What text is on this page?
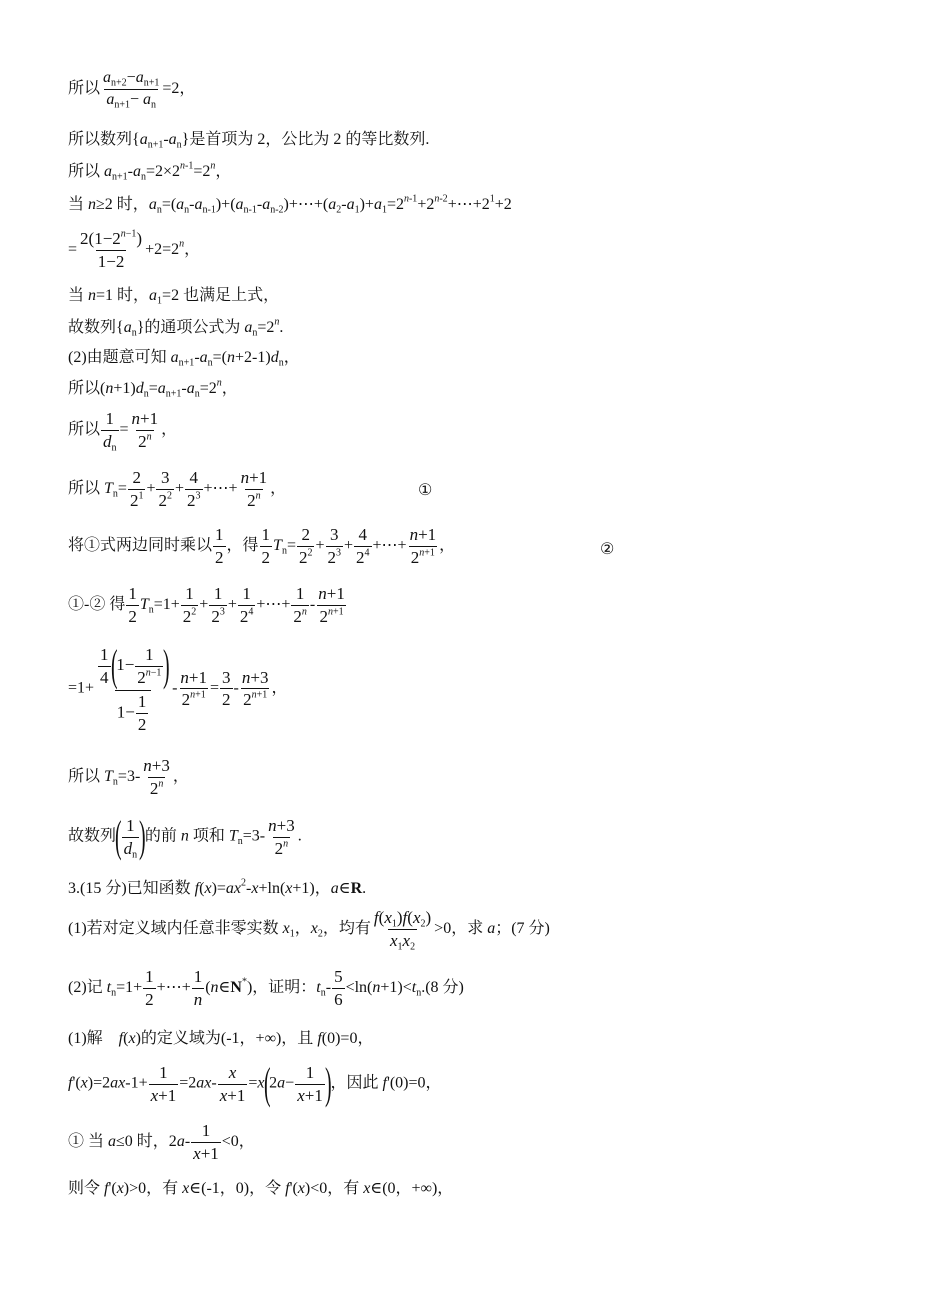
所以 $\frac{a_{n+2}-a_{n+1}}{a_{n+1}- a_n} =2$，
所以数列$\{a_{n+1}-a_n\}$是首项为 2，公比为 2 的等比数列.
所以 $a_{n+1}-a_n=2\times 2^{n-1}=2^n$，
当 n≥2 时，$a_n=(a_n-a_{n-1})+(a_{n-1}-a_{n-2})+\cdots+(a_2-a_1)+a_1=2^{n-1}+2^{n-2}+\cdots+2^1+2$
= $\frac{2(1-2^{n-1})}{1-2} +2=2^n$，
当 n=1 时，$a_1=2$ 也满足上式，
故数列$\{a_n\}$的通项公式为 $a_n=2^n$.
(2)由题意可知 $a_{n+1}-a_n=(n+2-1)d_n$，
所以$(n+1)d_n=a_{n+1}-a_n=2^n$，
所以 $\frac{1}{d_n} = \frac{n+1}{2^n}$ ，
所以 $T_n= \frac{2}{2^1} + \frac{3}{2^2} + \frac{4}{2^3}$ +⋯+ $\frac{n+1}{2^n}$ ，	①
将①式两边同时乘以 $\frac{1}{2}$ ，得 $\frac{1}{2} T_n= \frac{2}{2^2} + \frac{3}{2^3} + \frac{4}{2^4}$ +⋯+ $\frac{n+1}{2^{n+1}}$ ，	②
①-② 得 $\frac{1}{2} T_n=1+ \frac{1}{2^2} + \frac{1}{2^3} + \frac{1}{2^4}$ +⋯+ $\frac{1}{2^n} - \frac{n+1}{2^{n+1}}$
$=1+ \frac{\frac{1}{4} (1- \frac{1}{2^{n-1}} )}{1- \frac{1}{2}} - \frac{n+1}{2^{n+1}} = \frac{3}{2} - \frac{n+3}{2^{n+1}}$ ，
所以 $T_n=3- \frac{n+3}{2^n}$ ，
故数列( $\frac{1}{d_n}$ )的前 n 项和 $T_n=3- \frac{n+3}{2^n}$ .
3.(15 分)已知函数 $f(x)=ax^2-x+\ln(x+1)$，a∈R.
(1)若对定义域内任意非零实数 $x_1$，$x_2$，均有 $\frac{f(x_1)f(x_2)}{x_1x_2} >0$，求 a；(7 分)
(2)记 $t_n=1+ \frac{1}{2}$ +⋯+ $\frac{1}{n}$ (n∈N*)，证明：$t_n- \frac{5}{6} <\ln(n+1)<t_n.(8$ 分)
(1)解　f(x)的定义域为(-1，+∞)，且 f(0)=0，
$f'(x)=2ax-1+ \frac{1}{x+1} =2ax- \frac{x}{x+1} =x(2a- \frac{1}{x+1}$ )，因此 f'(0)=0，
① 当 a≤0 时，$2a- \frac{1}{x+1} <0$，
则令 f'(x)>0，有 x∈(-1，0)，令 f'(x)<0，有 x∈(0，+∞)，
